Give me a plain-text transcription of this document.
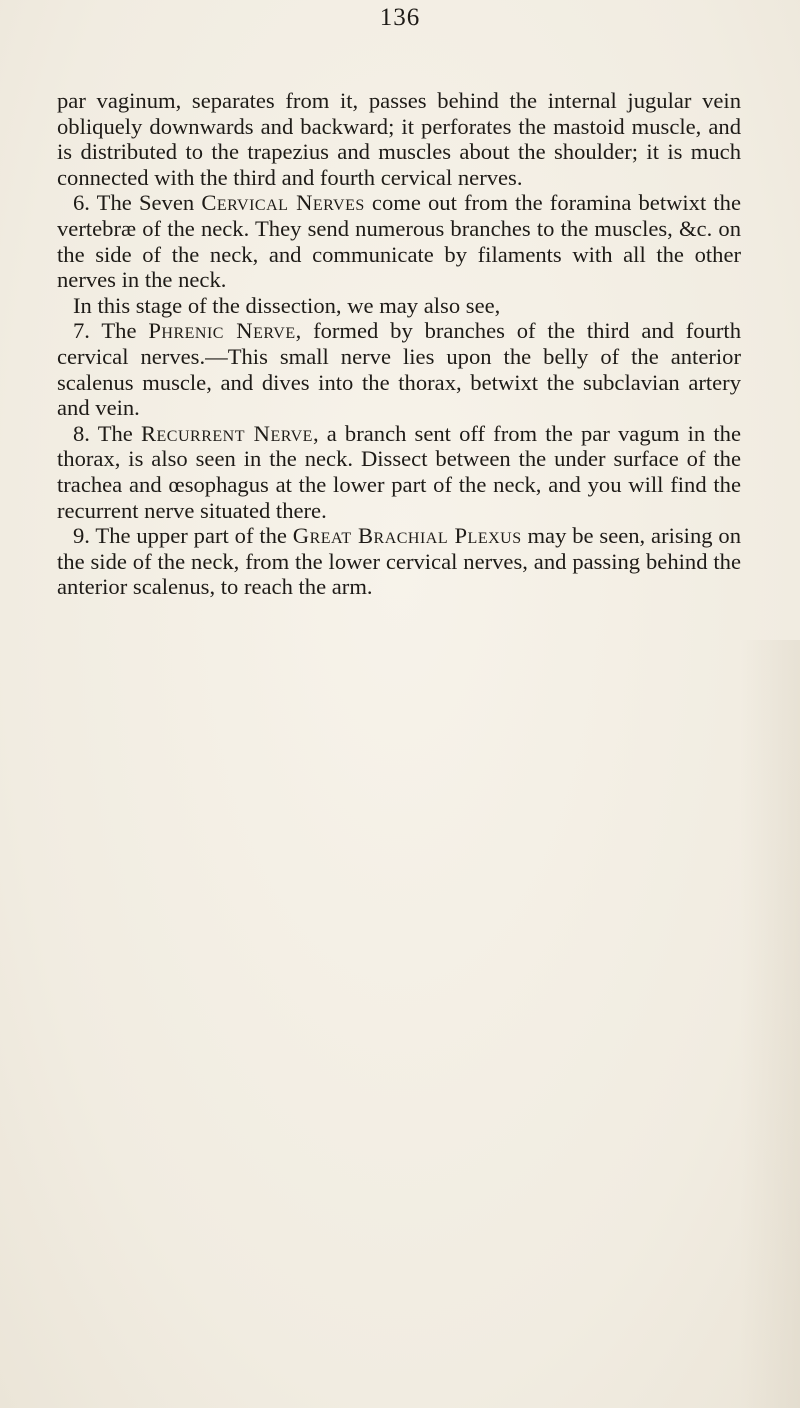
136

par vaginum, separates from it, passes behind the internal jugular vein obliquely downwards and backward; it perforates the mastoid muscle, and is distributed to the trapezius and muscles about the shoulder; it is much connected with the third and fourth cervical nerves.

6. The Seven Cervical Nerves come out from the foramina betwixt the vertebræ of the neck. They send numerous branches to the muscles, &c. on the side of the neck, and communicate by filaments with all the other nerves in the neck.

In this stage of the dissection, we may also see,

7. The Phrenic Nerve, formed by branches of the third and fourth cervical nerves.—This small nerve lies upon the belly of the anterior scalenus muscle, and dives into the thorax, betwixt the subclavian artery and vein.

8. The Recurrent Nerve, a branch sent off from the par vagum in the thorax, is also seen in the neck. Dissect between the under surface of the trachea and œsophagus at the lower part of the neck, and you will find the recurrent nerve situated there.

9. The upper part of the Great Brachial Plexus may be seen, arising on the side of the neck, from the lower cervical nerves, and passing behind the anterior scalenus, to reach the arm.
